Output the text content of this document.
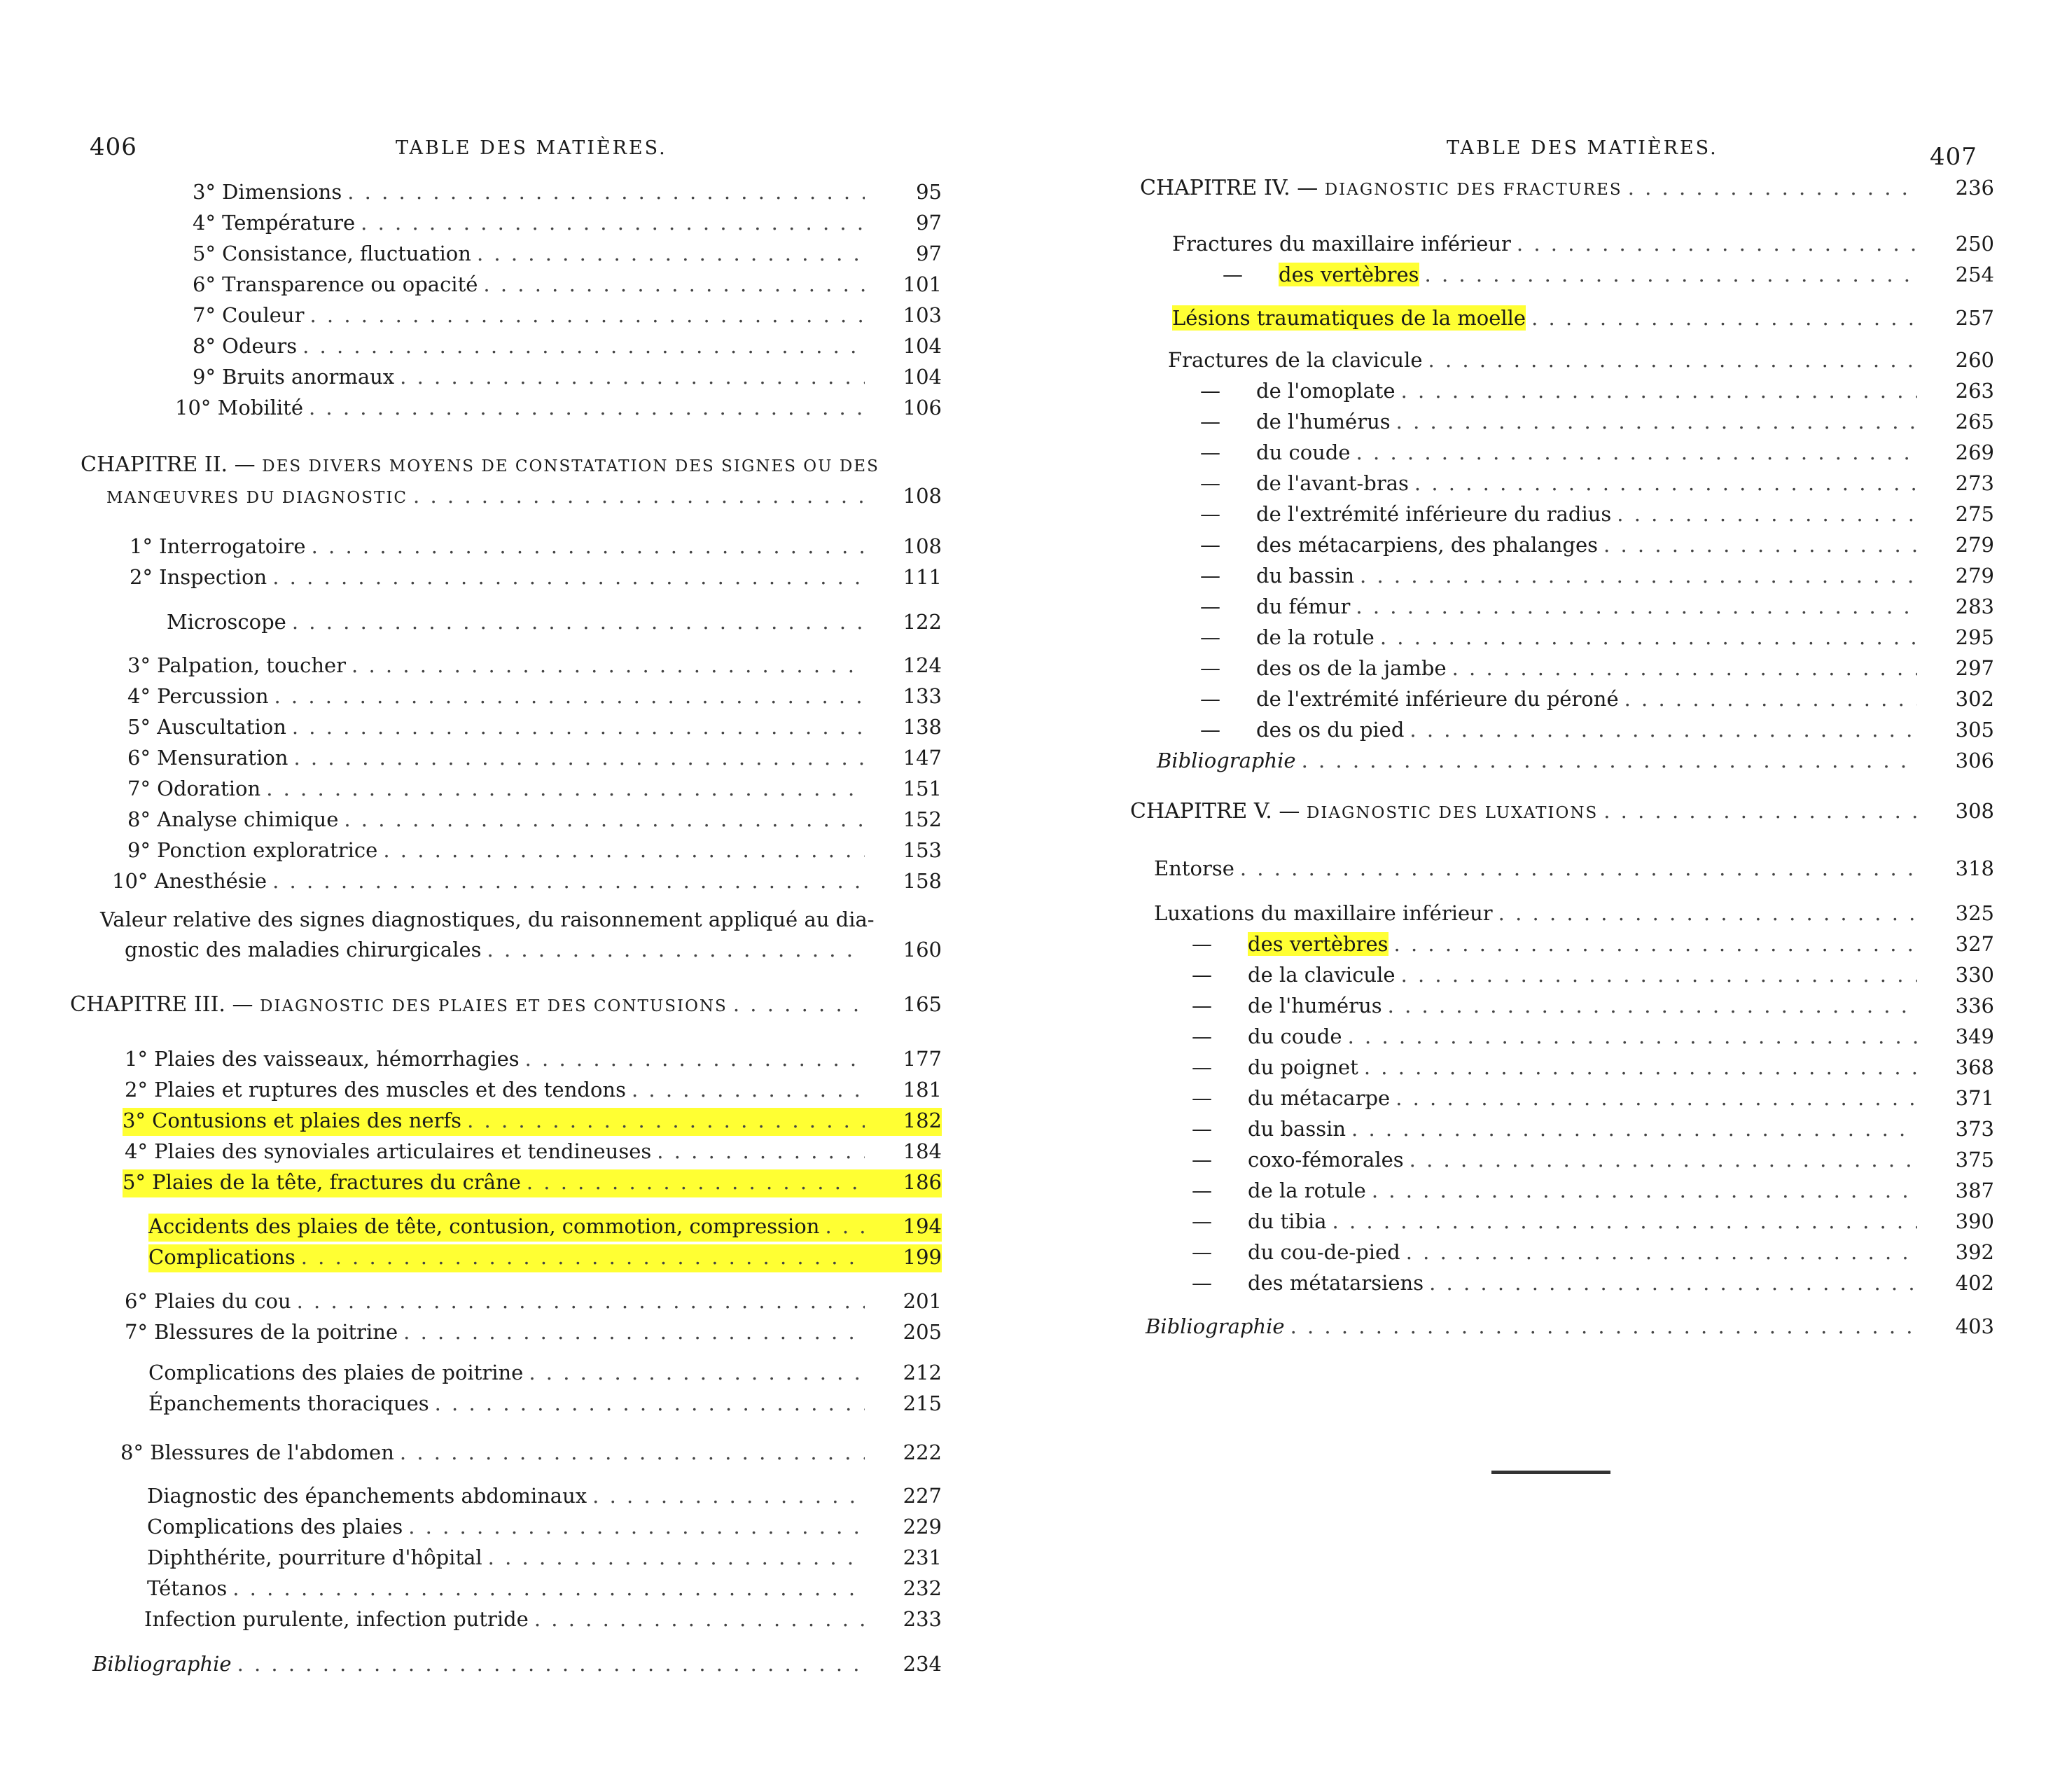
406	TABLE DES MATIÈRES.
3° Dimensions . . .	95
4° Température . . .	97
5° Consistance, fluctuation . . .	97
6° Transparence ou opacité . . .	101
7° Couleur . . .	103
8° Odeurs . . .	104
9° Bruits anormaux . . .	104
10° Mobilité . . .	106
CHAPITRE II. — DES DIVERS MOYENS DE CONSTATATION DES SIGNES OU DES
MANŒUVRES DU DIAGNOSTIC . . .	108
1° Interrogatoire . . .	108
2° Inspection . . .	111
Microscope . . .	122
3° Palpation, toucher . . .	124
4° Percussion . . .	133
5° Auscultation . . .	138
6° Mensuration . . .	147
7° Odoration . . .	151
8° Analyse chimique . . .	152
9° Ponction exploratrice . . .	153
10° Anesthésie . . .	158
Valeur relative des signes diagnostiques, du raisonnement appliqué au dia-
gnostic des maladies chirurgicales . . .	160
CHAPITRE III. — DIAGNOSTIC DES PLAIES ET DES CONTUSIONS . . .	165
1° Plaies des vaisseaux, hémorrhagies . . .	177
2° Plaies et ruptures des muscles et des tendons . . .	181
3° Contusions et plaies des nerfs . . .	182
4° Plaies des synoviales articulaires et tendineuses . . .	184
5° Plaies de la tête, fractures du crâne . . .	186
Accidents des plaies de tête, contusion, commotion, compression . . .	194
Complications . . .	199
6° Plaies du cou . . .	201
7° Blessures de la poitrine . . .	205
Complications des plaies de poitrine . . .	212
Épanchements thoraciques . . .	215
8° Blessures de l'abdomen . . .	222
Diagnostic des épanchements abdominaux . . .	227
Complications des plaies . . .	229
Diphthérite, pourriture d'hôpital . . .	231
Tétanos . . .	232
Infection purulente, infection putride . . .	233
Bibliographie . . .	234
TABLE DES MATIÈRES.	407
CHAPITRE IV. — DIAGNOSTIC DES FRACTURES . . .	236
Fractures du maxillaire inférieur . . .	250
— des vertèbres . . .	254
Lésions traumatiques de la moelle . . .	257
Fractures de la clavicule . . .	260
— de l'omoplate . . .	263
— de l'humérus . . .	265
— du coude . . .	269
— de l'avant-bras . . .	273
— de l'extrémité inférieure du radius . . .	275
— des métacarpiens, des phalanges . . .	279
— du bassin . . .	279
— du fémur . . .	283
— de la rotule . . .	295
— des os de la jambe . . .	297
— de l'extrémité inférieure du péroné . . .	302
— des os du pied . . .	305
Bibliographie . . .	306
CHAPITRE V. — DIAGNOSTIC DES LUXATIONS . . .	308
Entorse . . .	318
Luxations du maxillaire inférieur . . .	325
— des vertèbres . . .	327
— de la clavicule . . .	330
— de l'humérus . . .	336
— du coude . . .	349
— du poignet . . .	368
— du métacarpe . . .	371
— du bassin . . .	373
— coxo-fémorales . . .	375
— de la rotule . . .	387
— du tibia . . .	390
— du cou-de-pied . . .	392
— des métatarsiens . . .	402
Bibliographie . . .	403
